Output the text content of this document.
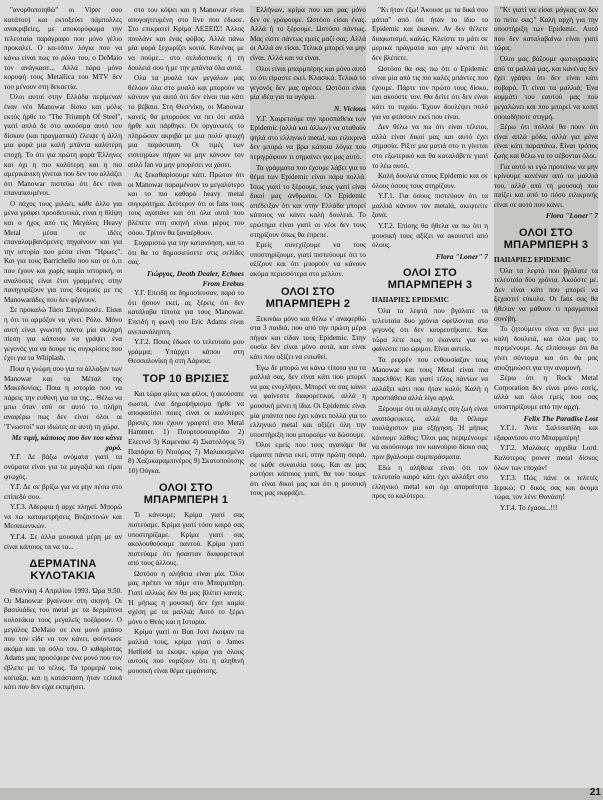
"ανορθοποιηθώ" οι Viper σου κατάτου) και εκτοξεύει πάμπολλες ανακριβείες, με αποκορύφωμα την τελευταία παράγραφο που μόνο γέλιο προκαλεί. Ο κα-τόπιν λόγια που να κάνω είναι πως το ρόλο του, ο DeMaio τον ανάγκασε... Αλλά πάρα μόνο κορυφή τους Metallica του ΜΤV δεν του μένουν στη δεκαετία.

Όλοι αυτοί στην Ελλάδα περίμεναν έναν νέο Manowar δίσκο και μόλις εκτός ήρθε το "The Triumph Of Steel", γιατί απλά δε στο ακούσμα αυτό του δίσκου (και πραγματικά) έλειψε ή άλλη μια φορά μια καλή μπάντα καλύτερη εποχή. Το ότι για πρώτη φορά Έλληνες και όχι η πιο καλύτερη και η πιο αμερικάνικη γίνεται που δεν του αλλάζει ότι Manowar πιστεύω ότι δεν είναι επαναπαυμένοι.

Ο πάχυς τους μιλάει, κάθε άλλο για μένα γράφει προοδευτικά, είναι η θλίψη και ο ήχος από τις Μεγάλες Heavy Metal μέσα σε ιδέες επαναλαμβανόμενες πηγαίνουν και για την ιστορία που μέσα είναι "Ήρωες". Και για τους Barrichello που και σε ό,τι που έχουν και χωρίς καμία ιστορική, οι αναλύσεις είναι έτσι γραμμένες στην πανηγυρίζουν για τους δεσμούς με τις Manowarάδες που δεν φέρνουν.

Σε προκαλώ Τάσο Σπυρόπουλε. Είσαι η ότι το αρμόζον να γίνει. Ρόλο. Μόνο αυτή είναι γνωστή πάντα μία σκληρή πίεση για κάποιου να γράψει ένα γεγονός για να δουμε τις συγκρίσεις που έχει για τα Whiplash.

Ποια η γνώμη σου για τα άλλαξαν των Manowar και τα Μέταλ της Μακεδονίας; Ποια η ιστορία που να πάρεις την ευθύνη για τα της... Θέλω να μπω όταν εσύ σε αυτό το πλήρη αναφέρω πως δεν είναι όλοι οι "Γνωστοί" και ιδιώτες σε αυτή τη χώρα.

Με τιμή, κάποιος που δεν του κάνει χορό.

Υ.Γ. Δε βάζω ονόματα γιατί τα ονόματα είναι για τα μαγαζιά και είμαι φτωχός.

Υ.Γ. Δε σε βρίζω για να μην πέσω στο επίπεδό σου.

Υ.Γ.3. Αδερφια ή αρχε πληγεί. Μπορώ να πω καταμετρήσεις Βυζαντινών και Μεσαιωνικών.

Υ.Γ.4. Σε άλλα μουσικά μέρη με αν είναι κάποιος τα να τα...

ΔΕΡΜΑΤΙΝΑ ΚΥΛΟΤΑΚΙΑ

Θεσ/νίκη 4 Απριλίου 1993. Ώρα 9.50. Οι Manowar βγαίνουν στη σκηνή. Οι βασιλιάδες του metal με τα δερμάτινα κυλοτάκια τους μεγαλείς ποζάρουν. Ο μεγάλος DeMaio σε ένα μονό μπάσο που τον είδε να τον κάνει, φούντωσε ακόμα και τα σόλο του. Ο κιθαρίστας Adams μας προσέφερε ένα μονό που τον έβλεπε με το τέλος. Τα τρομερά τους κοίταξα, και η κατάσταση ήταν τελικά κάτι που δεν είχα εκτιμήσει.

στο του κόψει και η Manowar είναι απογοητευμένη στο live που έδωσε. Στο επικρατεί Κρίμα ΛΕΞΕΙΣ! Άλλος πουλάνε και ένας φόβος. Αλλά πάνω μία φορά ξεχωρίζει κοιτά. Κανένας με να πούμε... στο σελιδοποιείς ή τη δουλειά σου ή με την μπάντα όλα αυτά.

Ολα τα μυαλά των μεγάλων μας θέλουν όλα στο μυαλό και μπορούν να κάνουν για αυτό ότι δεν είναι πια κάτι το βέβαιο. Στη Θεσ/νίκη, οι Manowar κανείς θα μπορούσε να πει ότι απλά ήρθε και πάρθηκε. Οι οργανωτές το πληρώσαν ακριβά με μια πολύ φτωχή μια παράσταση. Οι τιμές των εισιτηρίων πήγαν να μην κάνουν τον απλό fan να μην μπορέσει να χάσει.

Ας ξεκαθαρίσουμε κάτι. Πρώτον ότι οι Manowar παραμένουν το μεγαλύτερο και το πιο καθαρό heavy metal συγκρότημα. Δεύτερον ότι οι fans τους τους αγαπάνε και ότι όλα αυτά που βλέπετε στη σκηνή είναι μέρος του σόου. Τρίτον θα ξαναέρθουν.

Ευχαριστώ για την κατανόηση, και το ότι θα το δημοσιεύσετε στις σελίδες σας.

Γιώργος, Death Dealer, Echoes From Erebus

Υ.Γ. Επειδή σε δημοσίευσαν, παρά το ότι ήσουν εκεί, ας ξέρεις ότι δεν κατάλαβα τίποτα για τους Manowar. Επειδή η φωνή του Eric Adams είναι ανεπανάληπτη.

Υ.Γ.2. Ποιος έδωσε το τελευταίο μου γράμμα; Υπάρχει κάπου στη Θεσσαλονίκη ή στη Λάρισα;

TOP 10 ΒΡΙΣΙΕΣ

Και τώρα φίλες και φίλοι, ή ακούσατε σωστά, ένα δημοψήφισμα ήρθε να αποφασίσει ποιες είναι οι καλύτερες βρισιές που έχουν γραφτεί στο Metal Hammer. 1) Πουρτσοσαυρίδιο 2) Ελεεινό 3) Καμενάκι 4) Σκατολόγος 5) Παπάρια 6) Ντούρος 7) Μαλακισμένα 8) Χαζοκαραμπινέρος 9) Σκατοπούτσης 10) Ούγκα.

ΟΛΟΙ ΣΤΟ ΜΠΑΡΜΠΕΡΗ 1

Τι κάνουμε; Κρίμα γιατί σας πιστεύαμε. Κρίμα γιατί τόσο καιρό σας υποστηρίζαμε. Κρίμα γιατί σας ακολουθούσαμε παντού. Κρίμα γιατί πιστεύαμε ότι ήσασταν διαφορετικοί από τους άλλους.

Ωστόσο η αλήθεια είναι μία. Όλοι μας πρέπει να πάμε στο Μπαρμπέρη. Γιατί αλλιώς δεν θα μας βλέπει κανείς. Ή μήπως η μουσική δεν έχει καμία σχέση με τα μαλλιά; Αυτό το ξέρει μόνο ο Θεός και η Ιστορία.

Κρίμα γιατί οι Bon Jovi έκοψαν τα μαλλιά τους, κρίμα γιατί ο James Hetfield τα έκοψε, κρίμα για όλους αυτούς που νομίζουν ότι η αληθινή μουσική είναι θέμα εμφάνισης.

Ελλήνων, κρίμα που και μας μόνο δεν σε γράφουμε. Ωστόσο είσαι ένας. Αλλά ή το ξέρουμε. Ωστόσο πάντως. Μας είστε πάντως εμείς μαζί σας. Αλλά οι Αλλά αν είσαι. Τελικά μπορεί να μην είναι. Αλλά και να είναι.

Ολοι είναι μπαρμπέρης και μόνο αυτό το ότι είμαστε εκεί. Κλασικά. Τελικά το γεγονός δεν μας αρέσει. Ωστόσο είναι μία ιδέα για τα αγόρια.

N. Vicious

Υ.Γ. Χαιρετούμε την προσπάθεια των Epidemic (αλλά και άλλων) να σταθούν ψηλά στο ελληνικό metal, και ειλικρινά δεν μπορώ να βρω κάποια λόγια που περιγράφουν τι σημαίνει για μας αυτό.

Τα γράμματα που έχουμε λάβει για το θέμα των Epidemic είναι πάρα πολλά. Ίσως γιατί το ξέρουμε, ίσως γιατί είναι δικοί μας άνθρωποι. Οι Epidemic απέδειξαν ότι και στην Ελλάδα μπορεί κάποιος να κάνει καλή δουλειά. Το ερώτημα είναι γιατί οι νέοι δεν τους στηρίζουν όπως θα έπρεπε.

Εμείς συνεχίζουμε να τους υποστηρίζουμε, γιατί πιστεύουμε ότι το αξίζουν και ότι μπορούν να κάνουν ακόμα περισσότερα στο μέλλον.

ΟΛΟΙ ΣΤΟ ΜΠΑΡΜΠΕΡΗ 2

Ξεκινάω μόνο και θέλω ν' αναφερθώ στα 3 παιδιά, που από την πρώτη μέρα πήγαν και είδαν τους Epidemic. Στην ουσία δεν είναι μόνο αυτά, και είναι κάτι που αξίζει να ειπωθεί.

Έγω δε μπορώ να κάνω τίποτα για τα μαλλιά σας, δεν είναι κάτι που μπορεί να μας ενοχλήσει. Μπορεί να σας κάνει να φαίνεστε διαφορετικοί, αλλά η μουσική μένει η ίδια. Οι Epidemic είναι μία μπάντα που έχει κάνει πολλά για το ελληνικό metal και αξίζει όλη την υποστήριξη που μπορούμε να δώσουμε.

Όλοι εμείς που τους αγαπάμε θα είμαστε πάντα εκεί, στην πρώτη σειρά, σε κάθε συναυλία τους. Και αν μας ρωτήσει κάποιος γιατί, θα του πούμε ότι είναι δικοί μας και ότι η μουσική τους μας εκφράζει.

"Κι ήταν έξω! Άκουσε με τα δικά σου μάτια" από ότι ήταν το ίδιο το Epidemic και έκαναν. Αν δεν θέλετε διαφωτισμό, καλώς. Κλείστε το μάτι σε μερικά πράγματα και μην κάνετε ότι δεν βλέπετε.

Ωστόσο θα σας πω ότι ο Epidemic είναι μία από τις πιο καλές μπάντες που έχουμε. Πάρτε τον πρώτο τους δίσκο, και ακούστε τον. Θα δείτε ότι δεν είναι κάτι το τυχαίο. Έχουν δουλέψει πολύ για να φτάσουν εκεί που είναι.

Δεν θέλω να πω ότι είναι τέλειοι, αλλά είναι δικοί μας και αυτό έχει σημασία. Ρίξτε μια ματιά στο τι γίνεται στο εξωτερικό και θα καταλάβετε γιατί το λέω αυτό.

Καλή δουλειά στους Epidemic και σε όλους όσους τους στηρίζουν.

Υ.Γ.1. Για όσους πιστεύουν ότι τα μαλλιά κάνουν τον metalά, σκεφτείτε ξανά.

Υ.Γ.2. Επίσης θα ήθελα να πω ότι η μουσική τους αξίζει να ακουστεί από όλους.

Flora "Loner" 7

ΟΛΟΙ ΣΤΟ ΜΠΑΡΜΠΕΡΗ 3

ΠΑΠΑΡΙΕΣ EPIDEMIC

Όλα τα λεφτά που βγάλατε τα τελευταία δυο χρόνια οφείλονται στο γεγονός ότι δεν κουρευτήκατε. Και τώρα λέτε πως το έκανατε για να φαίνεστε πιο ώριμοι. Είναι αστείο.

Τα ρεφρέν που ενθουσίαζαν τους Manowar και τους Metal είναι πια παρελθόν; Και γιατί τέλος πάντων να αλλάξει κάτι που ήταν καλό; Καλή η προσπάθεια αλλά λίγο αργά.

Ξέρουμε ότι οι αλλαγές στη ζωή είναι αναπόφευκτες, αλλά θα θέλαμε τουλάχιστον μια εξήγηση. Ή μήπως κάνουμε λάθος; Όλοι μας περιμένουμε να ακούσουμε τον καινούριο δίσκο σας πριν βγάλουμε συμπεράσματα.

Εδώ η αλήθεια είναι ότι τον τελευταίο καιρό κάτι έχει αλλάξει στο ελληνικό metal και όχι απαραίτητα προς το καλύτερο.

"Κι γιατί να είσαι μάγκας αν δεν το πείτε σας;" Καλή αρχή για την υποστήριξη των Epidemic. Αυτό που δεν καταλαβαίνω είναι γιατί τώρα;

Όλοι μας βάζουμε φωτογραφίες από τα μαλλιά μας, και κανένας δεν έχει γράψει ότι δεν είναι κάτι σοβαρό. Τι είναι τα μαλλιά; Ένα κομμάτι του εαυτού μας που μεγαλώνει και που μπορεί να κοπεί οποιαδήποτε στιγμή.

Ξέρω ότι πολλοί θα πουν ότι είναι απλά μόδα, αλλά για μένα είναι κάτι παραπάνω. Είναι τρόπος ζωής και θέλω να το σέβονται όλοι.

Για αυτό κι εγώ προτείνω να μην κρίνουμε κανέναν από τα μαλλιά του, αλλά από τη μουσική που παίζει και από το πόσο ειλικρινής είναι σε αυτό που κάνει.

Flora "Loner" 7

ΟΛΟΙ ΣΤΟ ΜΠΑΡΜΠΕΡΗ 3

ΠΑΠΑΡΙΕΣ EPIDEMIC

Όλα τα λεφτά που βγάλατε τα τελευταία δύο χρόνια. Ακούστε με. Δεν είναι κάτι που μπορεί να ξεχαστεί εύκολα. Οι fans σας θα ήθελαν να μάθουν τι πραγματικά συνέβη.

Το ζητούμενο είναι να βγει μια καλή δουλειά, και όλοι μας το περιμένουμε. Ας ελπίσουμε ότι θα γίνει σύντομα και ότι θα μας αποζημιώσει για την αναμονή.

Ξέρω ότι η Rock Metal Corporation δεν είναι μόνο εσείς, αλλά και όλοι εμείς που σας υποστηρίζουμε από την αρχή.

Felix The Paradise Lost

Υ.Γ.1. Άντε Σαλτσαπίδη και εξαφανίσου στο Μπαρμπέρη!

Υ.Γ.2. Μαλάκες αρχιδία Lord. Καλύτερος power metal δίσκος όλων των εποχών!

Υ.Γ.3. Πώς πάνε οι τελετές Ιερικώ; Ο δικός σας και όνομα τώρα, τον λένε Θανάση!

Υ.Γ.4. Το έχασα...!!!

21
